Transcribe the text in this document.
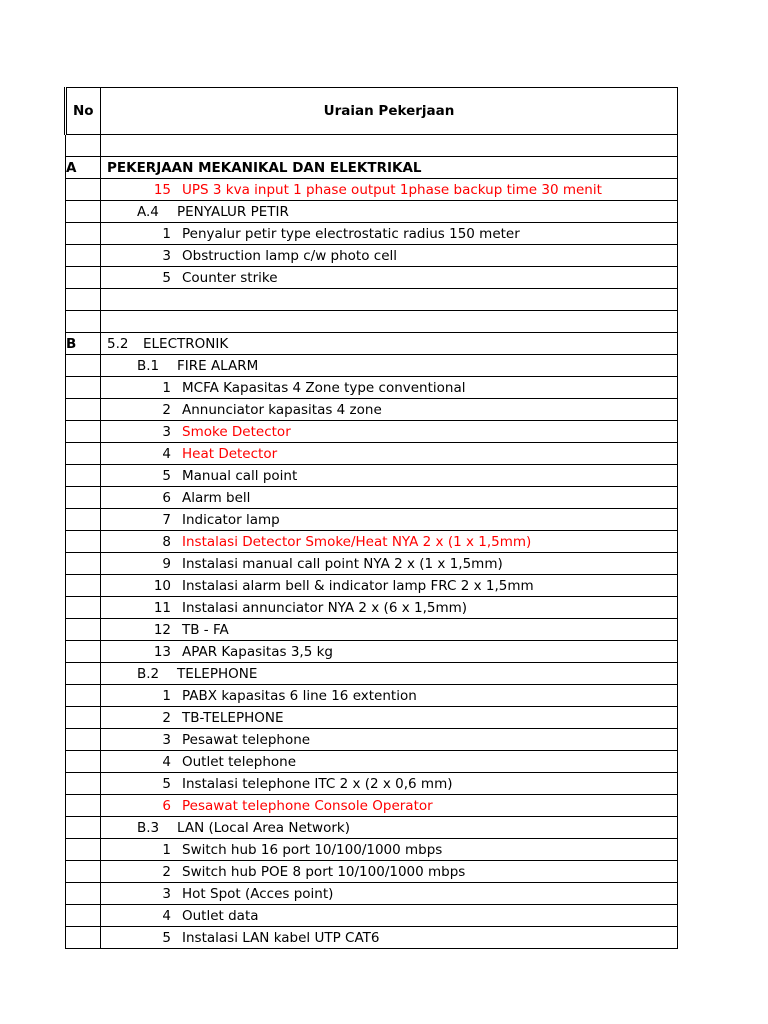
No	Uraian Pekerjaan

A	PEKERJAAN MEKANIKAL DAN ELEKTRIKAL

	15 UPS 3 kva input 1 phase output 1phase backup time 30 menit

	A.4 PENYALUR PETIR

	1 Penyalur petir type electrostatic radius 150 meter

	3 Obstruction lamp c/w photo cell

	5 Counter strike

B	5.2 ELECTRONIK

	B.1 FIRE ALARM

	1 MCFA Kapasitas 4 Zone type conventional

	2 Annunciator kapasitas 4 zone

	3 Smoke Detector

	4 Heat Detector

	5 Manual call point

	6 Alarm bell

	7 Indicator lamp

	8 Instalasi Detector Smoke/Heat NYA 2 x (1 x 1,5mm)

	9 Instalasi manual call point NYA 2 x (1 x 1,5mm)

	10 Instalasi alarm bell & indicator lamp FRC 2 x 1,5mm

	11 Instalasi annunciator NYA 2 x (6 x 1,5mm)

	12 TB - FA

	13 APAR Kapasitas 3,5 kg

	B.2 TELEPHONE

	1 PABX kapasitas 6 line 16 extention

	2 TB-TELEPHONE

	3 Pesawat telephone

	4 Outlet telephone

	5 Instalasi telephone ITC 2 x (2 x 0,6 mm)

	6 Pesawat telephone Console Operator

	B.3 LAN (Local Area Network)

	1 Switch hub 16 port 10/100/1000 mbps

	2 Switch hub POE 8 port 10/100/1000 mbps

	3 Hot Spot (Acces point)

	4 Outlet data

	5 Instalasi LAN kabel UTP CAT6
